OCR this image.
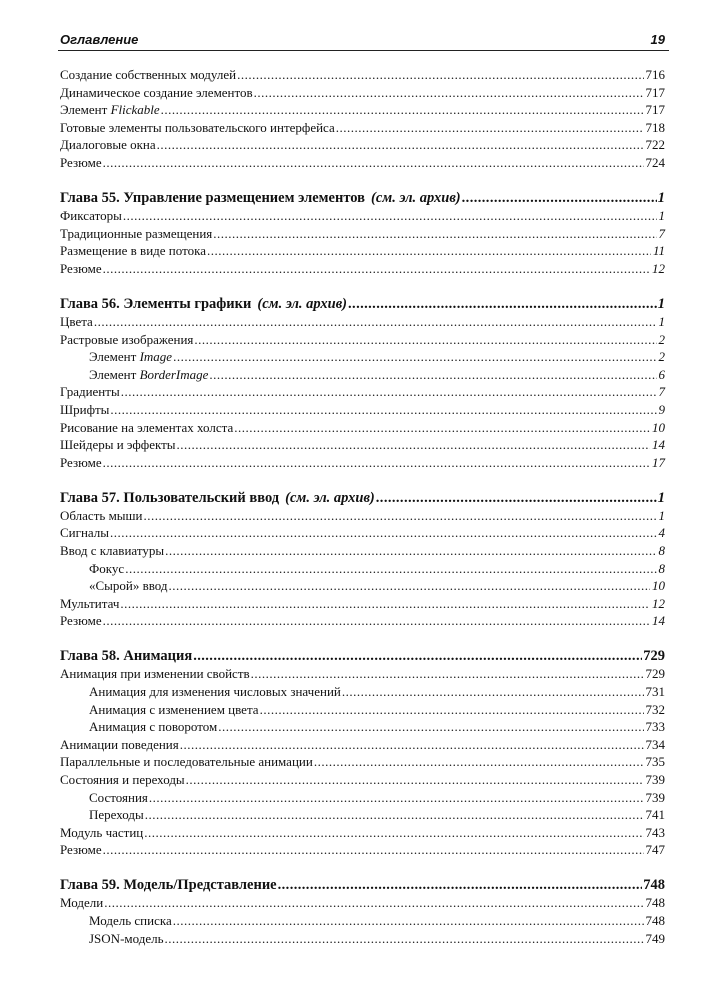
Оглавление	19
Создание собственных модулей .....	716
Динамическое создание элементов .....	717
Элемент Flickable .....	717
Готовые элементы пользовательского интерфейса .....	718
Диалоговые окна .....	722
Резюме .....	724
Глава 55. Управление размещением элементов (см. эл. архив) .....	1
Фиксаторы .....	1
Традиционные размещения .....	7
Размещение в виде потока .....	11
Резюме .....	12
Глава 56. Элементы графики (см. эл. архив) .....	1
Цвета .....	1
Растровые изображения .....	2
Элемент Image .....	2
Элемент BorderImage .....	6
Градиенты .....	7
Шрифты .....	9
Рисование на элементах холста .....	10
Шейдеры и эффекты .....	14
Резюме .....	17
Глава 57. Пользовательский ввод (см. эл. архив) .....	1
Область мыши .....	1
Сигналы .....	4
Ввод с клавиатуры .....	8
Фокус .....	8
«Сырой» ввод .....	10
Мультитач .....	12
Резюме .....	14
Глава 58. Анимация .....	729
Анимация при изменении свойств .....	729
Анимация для изменения числовых значений .....	731
Анимация с изменением цвета .....	732
Анимация с поворотом .....	733
Анимации поведения .....	734
Параллельные и последовательные анимации .....	735
Состояния и переходы .....	739
Состояния .....	739
Переходы .....	741
Модуль частиц .....	743
Резюме .....	747
Глава 59. Модель/Представление .....	748
Модели .....	748
Модель списка .....	748
JSON-модель .....	749
